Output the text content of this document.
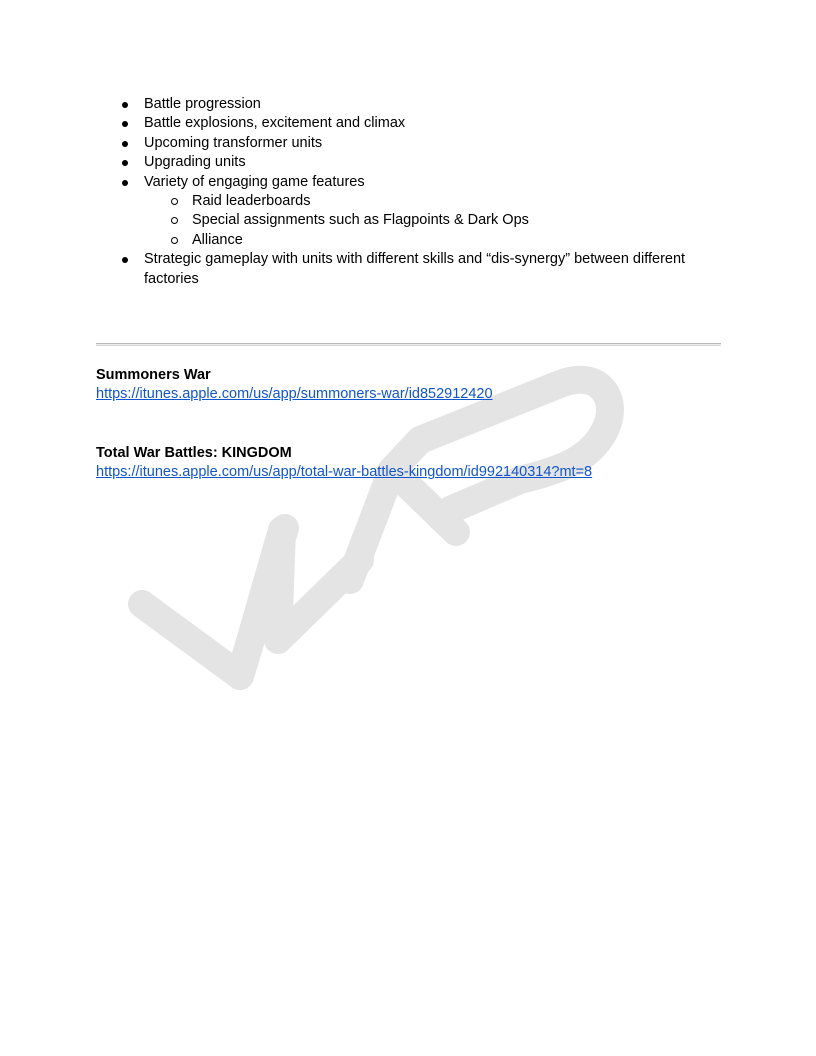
Battle progression
Battle explosions, excitement and climax
Upcoming transformer units
Upgrading units
Variety of engaging game features
Raid leaderboards
Special assignments such as Flagpoints & Dark Ops
Alliance
Strategic gameplay with units with different skills and “dis-synergy” between different factories
Summoners War
https://itunes.apple.com/us/app/summoners-war/id852912420
Total War Battles: KINGDOM
https://itunes.apple.com/us/app/total-war-battles-kingdom/id992140314?mt=8
